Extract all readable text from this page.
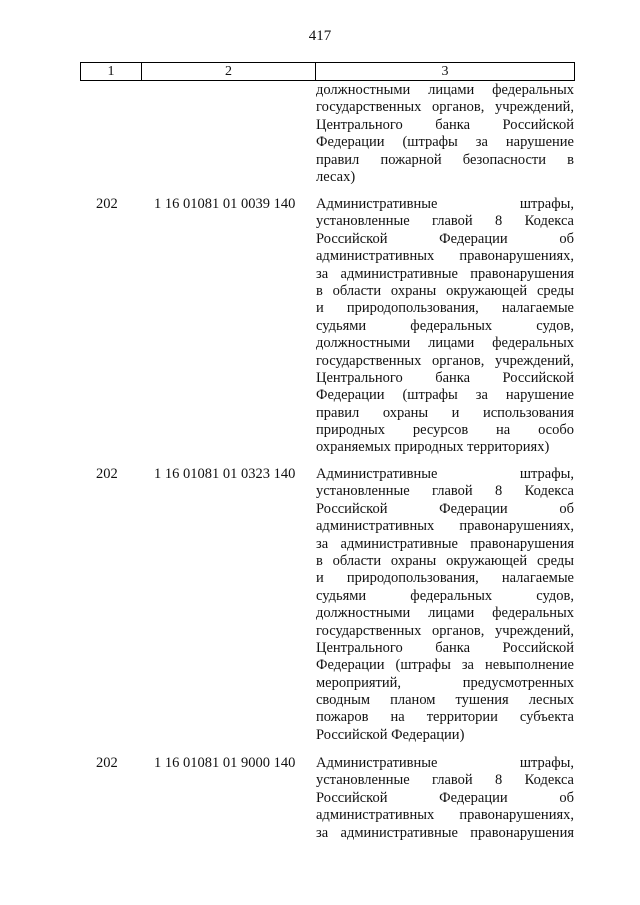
417
1	2	3
должностными лицами федеральных
государственных органов, учреждений,
Центрального банка Российской
Федерации (штрафы за нарушение
правил пожарной безопасности в
лесах)
202	1 16 01081 01 0039 140 Административные штрафы,
установленные главой 8 Кодекса
Российской Федерации об
административных правонарушениях,
за административные правонарушения
в области охраны окружающей среды
и природопользования, налагаемые
судьями федеральных судов,
должностными лицами федеральных
государственных органов, учреждений,
Центрального банка Российской
Федерации (штрафы за нарушение
правил охраны и использования
природных ресурсов на особо
охраняемых природных территориях)
202	1 16 01081 01 0323 140 Административные штрафы,
установленные главой 8 Кодекса
Российской Федерации об
административных правонарушениях,
за административные правонарушения
в области охраны окружающей среды
и природопользования, налагаемые
судьями федеральных судов,
должностными лицами федеральных
государственных органов, учреждений,
Центрального банка Российской
Федерации (штрафы за невыполнение
мероприятий, предусмотренных
сводным планом тушения лесных
пожаров на территории субъекта
Российской Федерации)
202	1 16 01081 01 9000 140 Административные штрафы,
установленные главой 8 Кодекса
Российской Федерации об
административных правонарушениях,
за административные правонарушения
